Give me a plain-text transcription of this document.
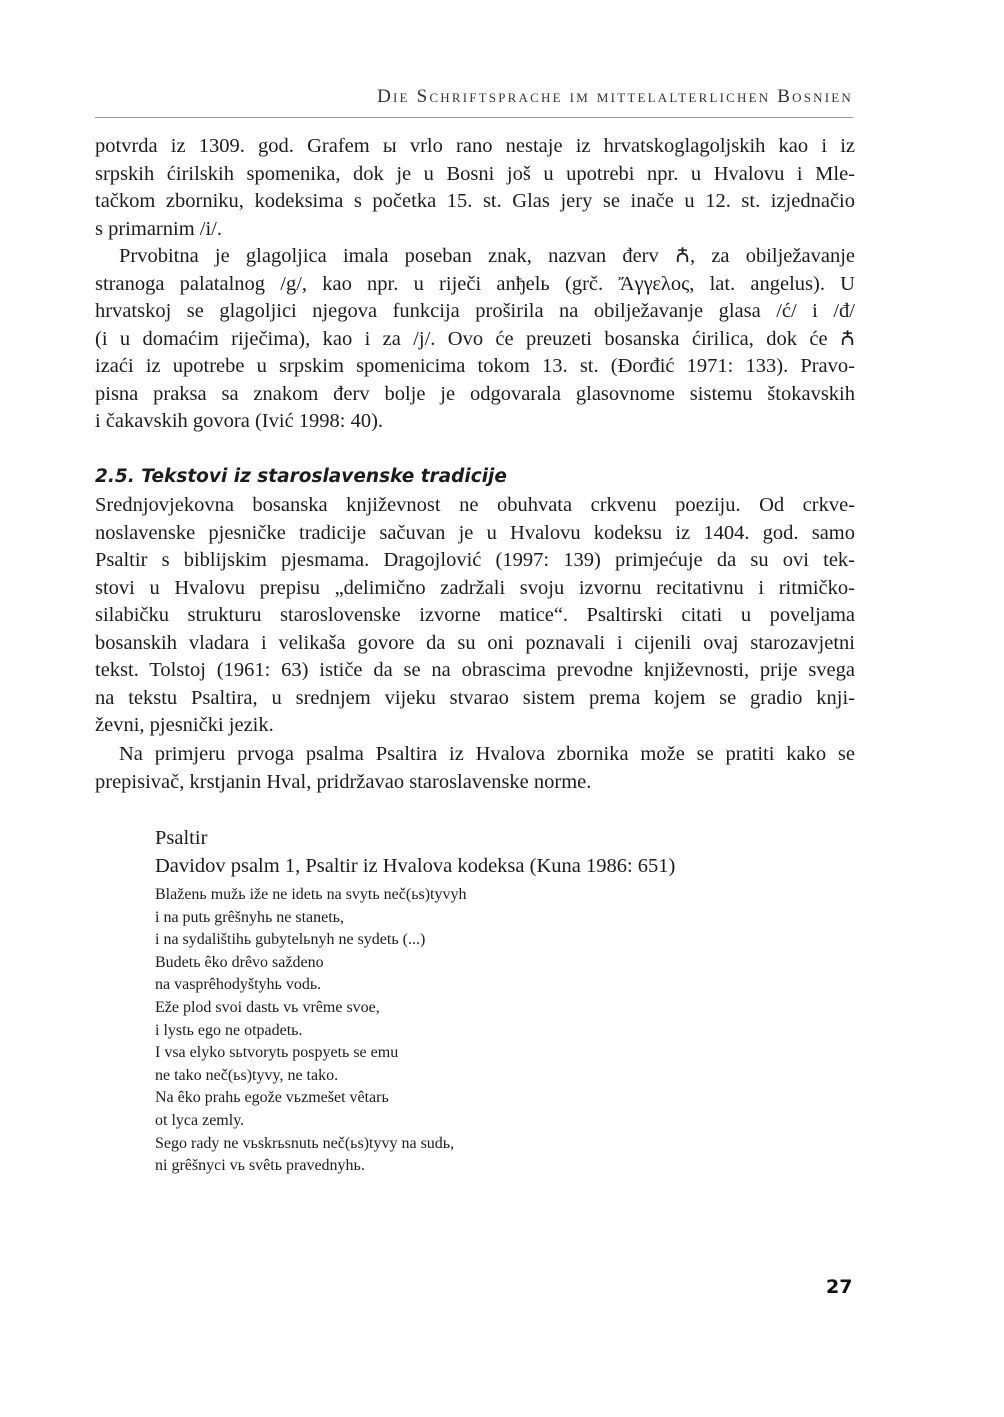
Die Schriftsprache im mittelalterlichen Bosnien
potvrda iz 1309. god. Grafem ы vrlo rano nestaje iz hrvatskoglagoljskih kao i iz
srpskih ćirilskih spomenika, dok je u Bosni još u upotrebi npr. u Hvalovu i Mle-
tačkom zborniku, kodeksima s početka 15. st. Glas jery se inače u 12. st. izjednačio
s primarnim /i/.
Prvobitna je glagoljica imala poseban znak, nazvan đerv Ꙉ, za obilježavanje
stranoga palatalnog /g/, kao npr. u riječi anђelь (grč. Ἄγγελος, lat. angelus). U
hrvatskoj se glagoljici njegova funkcija proširila na obilježavanje glasa /ć/ i /đ/
(i u domaćim riječima), kao i za /j/. Ovo će preuzeti bosanska ćirilica, dok će Ꙉ
izaći iz upotrebe u srpskim spomenicima tokom 13. st. (Đorđić 1971: 133). Pravo-
pisna praksa sa znakom đerv bolje je odgovarala glasovnome sistemu štokavskih
i čakavskih govora (Ivić 1998: 40).
2.5. Tekstovi iz staroslavenske tradicije
Srednjovjekovna bosanska književnost ne obuhvata crkvenu poeziju. Od crkve-
noslavenske pjesničke tradicije sačuvan je u Hvalovu kodeksu iz 1404. god. samo
Psaltir s biblijskim pjesmama. Dragojlović (1997: 139) primjećuje da su ovi tek-
stovi u Hvalovu prepisu „delimično zadržali svoju izvornu recitativnu i ritmičko-
silabičku strukturu staroslovenske izvorne matice“. Psaltirski citati u poveljama
bosanskih vladara i velikaša govore da su oni poznavali i cijenili ovaj starozavjetni
tekst. Tolstoj (1961: 63) ističe da se na obrascima prevodne književnosti, prije svega
na tekstu Psaltira, u srednjem vijeku stvarao sistem prema kojem se gradio knji-
ževni, pjesnički jezik.
Na primjeru prvoga psalma Psaltira iz Hvalova zbornika može se pratiti kako se
prepisivač, krstjanin Hval, pridržavao staroslavenske norme.
Psaltir
Davidov psalm 1, Psaltir iz Hvalova kodeksa (Kuna 1986: 651)
Blaženь mužь iže ne idetь na svytь neč(ьs)tyvyh
i na putь grêšnyhь ne stanetь,
i na sydalištihь gubytelьnyh ne sydetь (...)
Budetь êko drêvo saždeno
na vasprêhodyštyhь vodь.
Eže plod svoi dastь vь vrême svoe,
i lystь ego ne otpadetь.
I vsa elyko sьtvorytь pospyetь se emu
ne tako neč(ьs)tyvy, ne tako.
Na êko prahь egože vьzmešet vêtarь
ot lyca zemly.
Sego rady ne vьskrьsnutь neč(ьs)tyvy na sudь,
ni grêšnyci vь svêtь pravednyhь.
27
